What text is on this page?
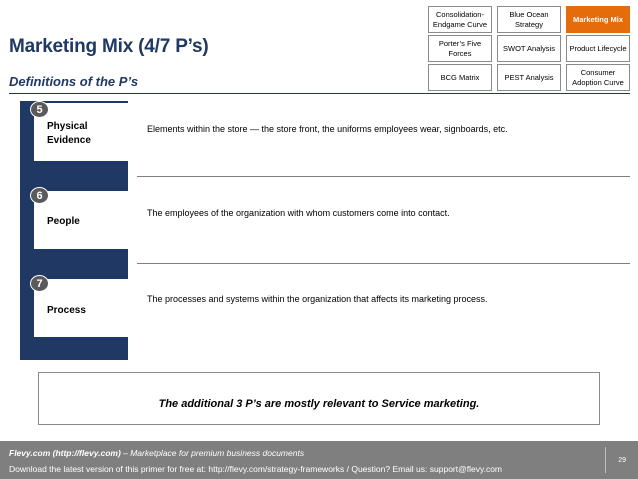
Marketing Mix (4/7 P’s)
Definitions of the P’s
Consolidation-Endgame Curve
Blue Ocean Strategy
Marketing Mix
Porter’s Five Forces
SWOT Analysis	Product Lifecycle
BCG Matrix	PEST Analysis
Consumer Adoption Curve
Physical
Evidence
5
Elements within the store — the store front, the uniforms employees wear, signboards, etc.
People
6
The employees of the organization with whom customers come into contact.
Process
7
The processes and systems within the organization that affects its marketing process.
The additional 3 P’s are mostly relevant to Service marketing.
Flevy.com (http://flevy.com) – Marketplace for premium business documents
Download the latest version of this primer for free at: http://flevy.com/strategy-frameworks / Question? Email us: support@flevy.com
29
